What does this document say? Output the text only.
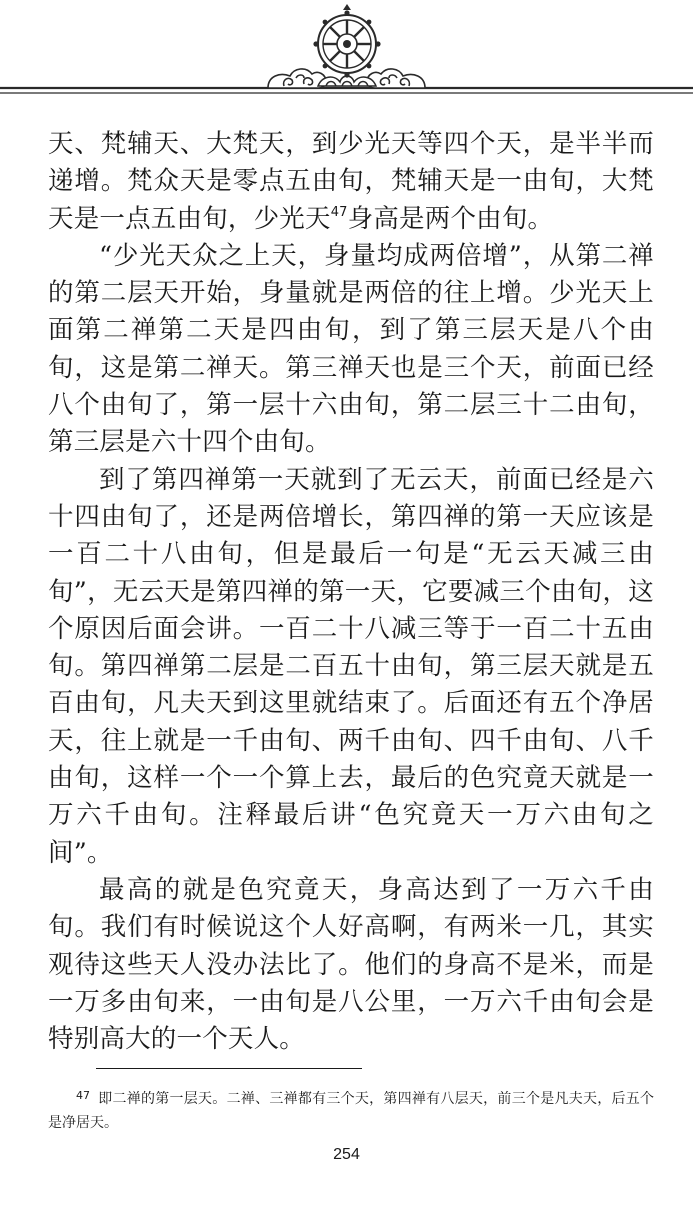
天、梵辅天、大梵天，到少光天等四个天，是半半而递增。梵众天是零点五由旬，梵辅天是一由旬，大梵天是一点五由旬，少光天$^{47}$身高是两个由旬。

“少光天众之上天，身量均成两倍增”，从第二禅的第二层天开始，身量就是两倍的往上增。少光天上面第二禅第二天是四由旬，到了第三层天是八个由旬，这是第二禅天。第三禅天也是三个天，前面已经八个由旬了，第一层十六由旬，第二层三十二由旬，第三层是六十四个由旬。

到了第四禅第一天就到了无云天，前面已经是六十四由旬了，还是两倍增长，第四禅的第一天应该是一百二十八由旬，但是最后一句是“无云天减三由旬”，无云天是第四禅的第一天，它要减三个由旬，这个原因后面会讲。一百二十八减三等于一百二十五由旬。第四禅第二层是二百五十由旬，第三层天就是五百由旬，凡夫天到这里就结束了。后面还有五个净居天，往上就是一千由旬、两千由旬、四千由旬、八千由旬，这样一个一个算上去，最后的色究竟天就是一万六千由旬。注释最后讲“色究竟天一万六由旬之间”。

最高的就是色究竟天，身高达到了一万六千由旬。我们有时候说这个人好高啊，有两米一几，其实观待这些天人没办法比了。他们的身高不是米，而是一万多由旬来，一由旬是八公里，一万六千由旬会是特别高大的一个天人。

$^{47}$ 即二禅的第一层天。二禅、三禅都有三个天，第四禅有八层天，前三个是凡夫天，后五个是净居天。
254
